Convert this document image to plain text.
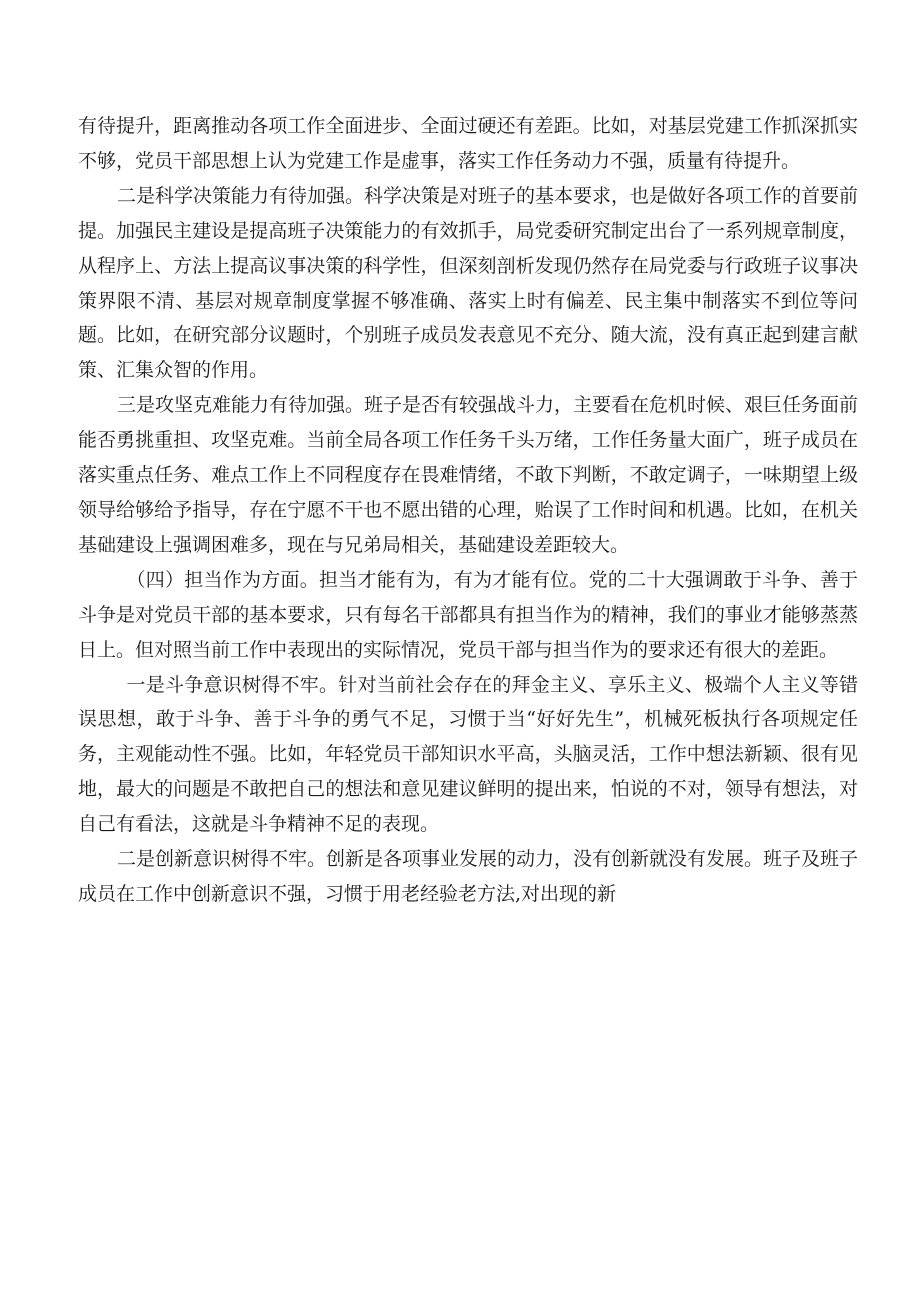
有待提升，距离推动各项工作全面进步、全面过硬还有差距。比如，对基层党建工作抓深抓实不够，党员干部思想上认为党建工作是虚事，落实工作任务动力不强，质量有待提升。

二是科学决策能力有待加强。科学决策是对班子的基本要求，也是做好各项工作的首要前提。加强民主建设是提高班子决策能力的有效抓手，局党委研究制定出台了一系列规章制度，从程序上、方法上提高议事决策的科学性，但深刻剖析发现仍然存在局党委与行政班子议事决策界限不清、基层对规章制度掌握不够准确、落实上时有偏差、民主集中制落实不到位等问题。比如，在研究部分议题时，个别班子成员发表意见不充分、随大流，没有真正起到建言献策、汇集众智的作用。

三是攻坚克难能力有待加强。班子是否有较强战斗力，主要看在危机时候、艰巨任务面前能否勇挑重担、攻坚克难。当前全局各项工作任务千头万绪，工作任务量大面广，班子成员在落实重点任务、难点工作上不同程度存在畏难情绪，不敢下判断，不敢定调子，一味期望上级领导给够给予指导，存在宁愿不干也不愿出错的心理，贻误了工作时间和机遇。比如，在机关基础建设上强调困难多，现在与兄弟局相关，基础建设差距较大。

（四）担当作为方面。担当才能有为，有为才能有位。党的二十大强调敢于斗争、善于斗争是对党员干部的基本要求，只有每名干部都具有担当作为的精神，我们的事业才能够蒸蒸日上。但对照当前工作中表现出的实际情况，党员干部与担当作为的要求还有很大的差距。

一是斗争意识树得不牢。针对当前社会存在的拜金主义、享乐主义、极端个人主义等错误思想，敢于斗争、善于斗争的勇气不足，习惯于当“好好先生”，机械死板执行各项规定任务，主观能动性不强。比如，年轻党员干部知识水平高，头脑灵活，工作中想法新颖、很有见地，最大的问题是不敢把自己的想法和意见建议鲜明的提出来，怕说的不对，领导有想法，对自己有看法，这就是斗争精神不足的表现。

二是创新意识树得不牢。创新是各项事业发展的动力，没有创新就没有发展。班子及班子成员在工作中创新意识不强，习惯于用老经验老方法,对出现的新
